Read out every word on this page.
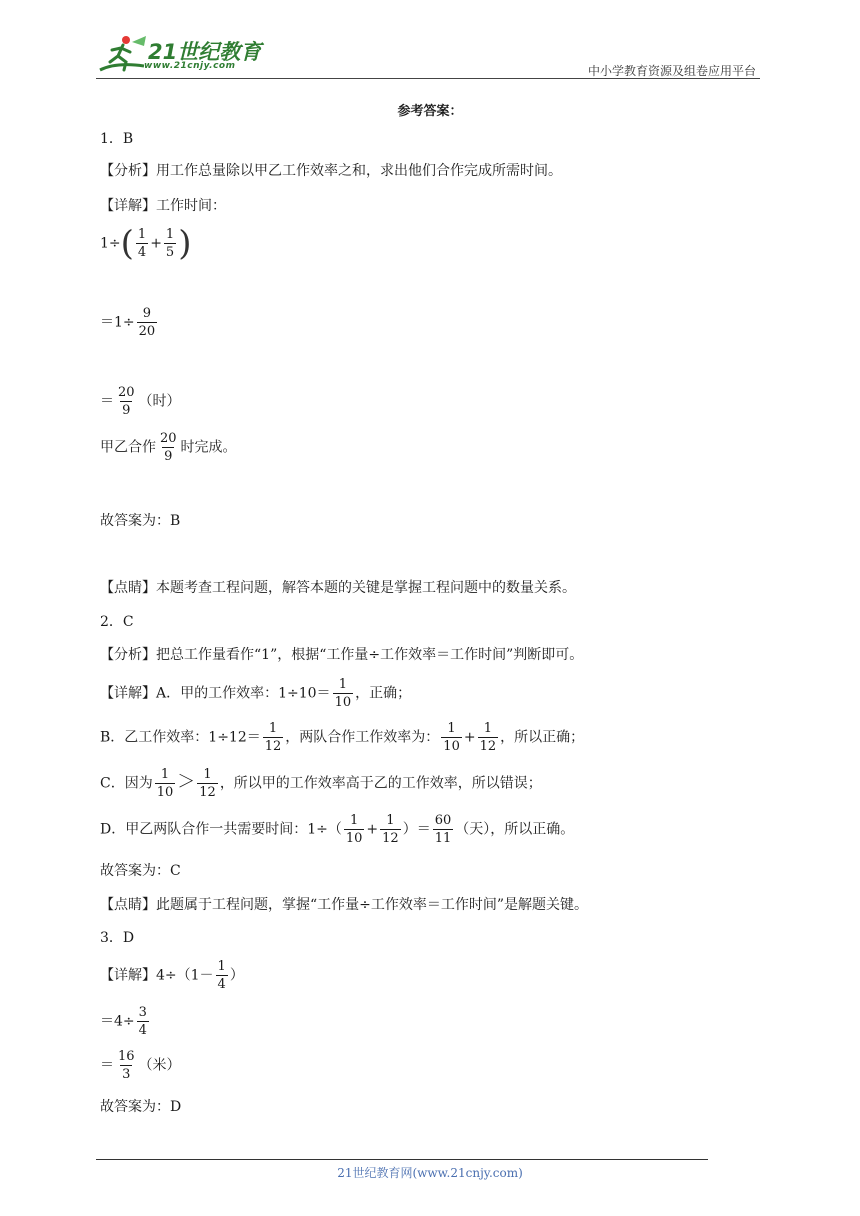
21世纪教育
www.21cnjy.com	中小学教育资源及组卷应用平台
参考答案：
1．B
【分析】用工作总量除以甲乙工作效率之和，求出他们合作完成所需时间。
【详解】工作时间：
$1\div( \frac{1}{4} + \frac{1}{5}$ )
$=1\div \frac{9}{20}$
＝ $\frac{20}{9}$ （时）
甲乙合作 $\frac{20}{9}$ 时完成。
故答案为：B
【点睛】本题考查工程问题，解答本题的关键是掌握工程问题中的数量关系。
2．C
【分析】把总工作量看作“1”，根据“工作量÷工作效率＝工作时间”判断即可。
【详解】A．甲的工作效率：$1\div 10= \frac{1}{10}$ ，正确；
B．乙工作效率：$1\div 12= \frac{1}{12}$ ，两队合作工作效率为： $\frac{1}{10} + \frac{1}{12}$ ，所以正确；
C．因为 $\frac{1}{10} > \frac{1}{12}$ ，所以甲的工作效率高于乙的工作效率，所以错误；
D．甲乙两队合作一共需要时间：$1\div( \frac{1}{10} + \frac{1}{12}$ ）＝ $\frac{60}{11}$ （天），所以正确。
故答案为：C
【点睛】此题属于工程问题，掌握“工作量÷工作效率＝工作时间”是解题关键。
3．D
【详解】$4\div(1- \frac{1}{4}$ ）
$=4\div \frac{3}{4}$
＝ $\frac{16}{3}$ （米）
故答案为：D
21世纪教育网(www.21cnjy.com)
